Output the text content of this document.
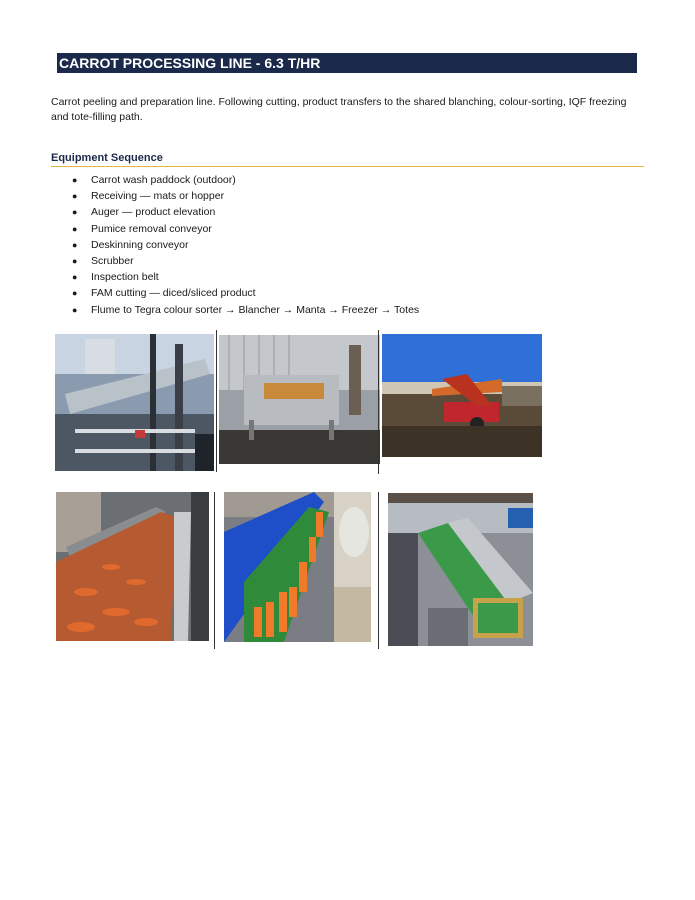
CARROT PROCESSING LINE - 6.3 T/HR

Carrot peeling and preparation line. Following cutting, product transfers to the shared blanching, colour-sorting, IQF freezing and tote-filling path.

Equipment Sequence
● Carrot wash paddock (outdoor)
● Receiving — mats or hopper
● Auger — product elevation
● Pumice removal conveyor
● Deskinning conveyor
● Scrubber
● Inspection belt
● FAM cutting — diced/sliced product
● Flume to Tegra colour sorter → Blancher → Manta → Freezer → Totes
